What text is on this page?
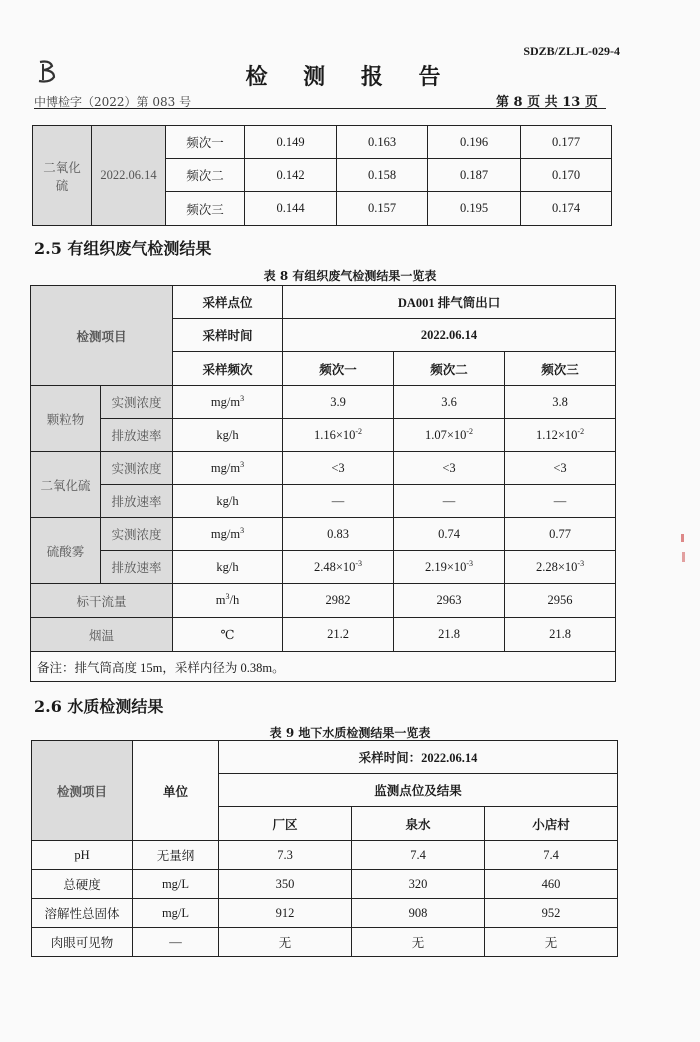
SDZB/ZLJL-029-4
检 测 报 告
中博检字（2022）第 083 号	第 8 页 共 13 页
二氧化硫	2022.06.14	频次一	0.149	0.163	0.196	0.177
		频次二	0.142	0.158	0.187	0.170
		频次三	0.144	0.157	0.195	0.174
2.5 有组织废气检测结果
表 8 有组织废气检测结果一览表
检测项目		采样点位	DA001 排气筒出口		
		采样时间	2022.06.14		
		采样频次	频次一	频次二	频次三
颗粒物	实测浓度	$mg/m^3$	3.9	3.6	3.8
	排放速率	kg/h	$1.16\times 10^{-2}$	$1.07\times 10^{-2}$	$1.12\times 10^{-2}$
二氧化硫	实测浓度	$mg/m^3$	<3	<3	<3
	排放速率	kg/h	—	—	—
硫酸雾	实测浓度	$mg/m^3$	0.83	0.74	0.77
	排放速率	kg/h	$2.48\times 10^{-3}$	$2.19\times 10^{-3}$	$2.28\times 10^{-3}$
标干流量		$m^3/h$	2982	2963	2956
烟温		℃	21.2	21.8	21.8
备注：排气筒高度 15m，采样内径为 0.38m。					
2.6 水质检测结果
表 9 地下水质检测结果一览表
检测项目	单位	采样时间：2022.06.14		
		监测点位及结果		
		厂区	泉水	小店村
pH	无量纲	7.3	7.4	7.4
总硬度	mg/L	350	320	460
溶解性总固体	mg/L	912	908	952
肉眼可见物	—	无	无	无
